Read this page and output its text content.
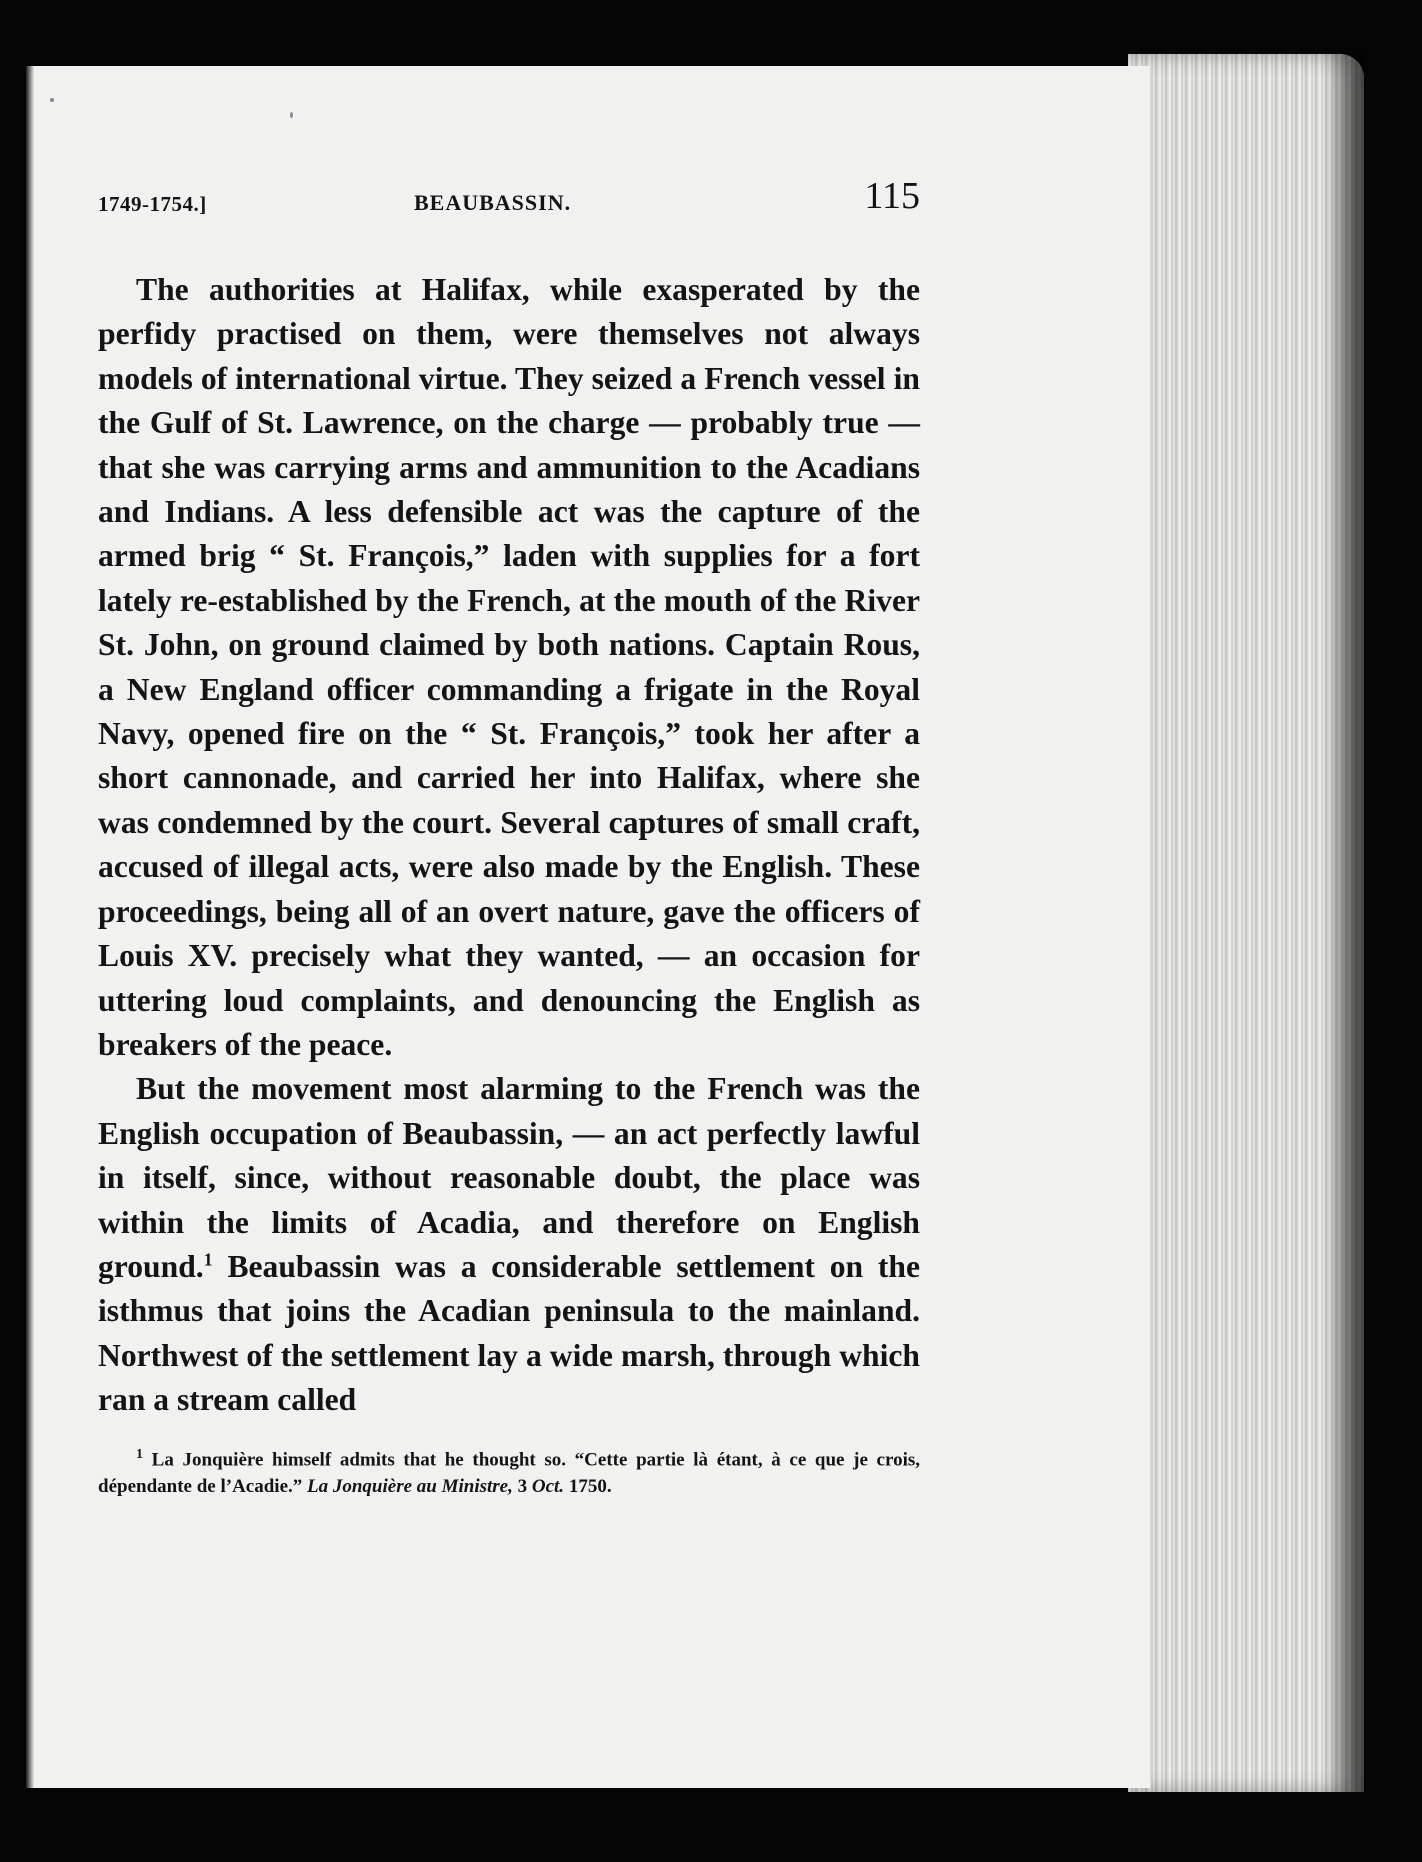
1749-1754.]	BEAUBASSIN.	115

The authorities at Halifax, while exasperated by the perfidy practised on them, were themselves not always models of international virtue. They seized a French vessel in the Gulf of St. Lawrence, on the charge — probably true — that she was carrying arms and ammunition to the Acadians and Indians. A less defensible act was the capture of the armed brig “ St. François,” laden with supplies for a fort lately re-established by the French, at the mouth of the River St. John, on ground claimed by both nations. Captain Rous, a New England officer commanding a frigate in the Royal Navy, opened fire on the “ St. François,” took her after a short cannonade, and carried her into Halifax, where she was condemned by the court. Several captures of small craft, accused of illegal acts, were also made by the English. These proceedings, being all of an overt nature, gave the officers of Louis XV. precisely what they wanted, — an occasion for uttering loud complaints, and denouncing the English as breakers of the peace.

But the movement most alarming to the French was the English occupation of Beaubassin, — an act perfectly lawful in itself, since, without reasonable doubt, the place was within the limits of Acadia, and therefore on English ground.$^1$ Beaubassin was a considerable settlement on the isthmus that joins the Acadian peninsula to the mainland. Northwest of the settlement lay a wide marsh, through which ran a stream called

$^1$ La Jonquière himself admits that he thought so. “Cette partie là étant, à ce que je crois, dépendante de l’Acadie.” La Jonquière au Ministre, 3 Oct. 1750.
